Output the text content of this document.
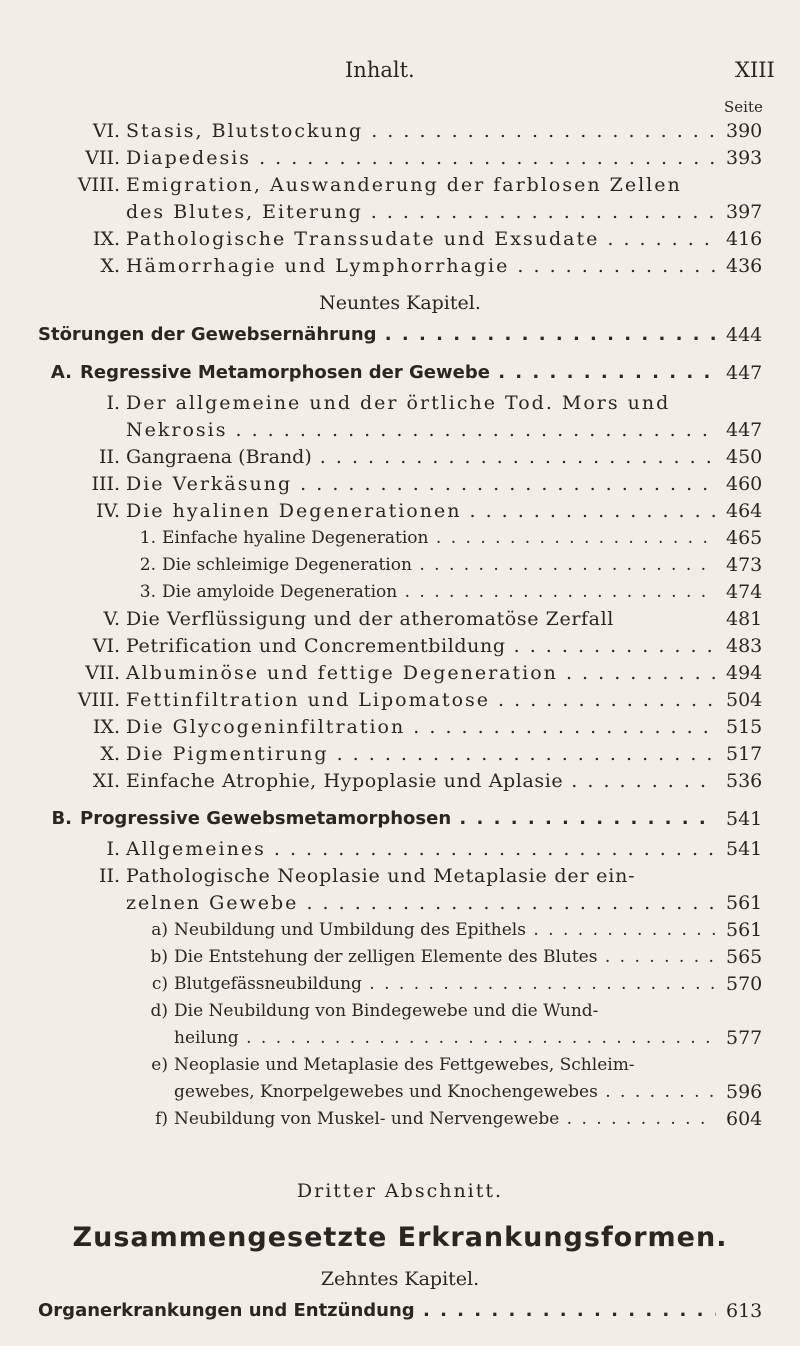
Inhalt.	XIII
Seite
VI. Stasis, Blutstockung . . .	390
VII. Diapedesis . . .	393
VIII. Emigration, Auswanderung der farblosen Zellen
des Blutes, Eiterung . . .	397
IX. Pathologische Transsudate und Exsudate . . .	416
X. Hämorrhagie und Lymphorrhagie . . .	436
Neuntes Kapitel.
Störungen der Gewebsernährung . . .	444
A. Regressive Metamorphosen der Gewebe . . .	447
I. Der allgemeine und der örtliche Tod. Mors und
Nekrosis . . .	447
II. Gangraena (Brand) . . .	450
III. Die Verkäsung . . .	460
IV. Die hyalinen Degenerationen . . .	464
1. Einfache hyaline Degeneration . . .	465
2. Die schleimige Degeneration . . .	473
3. Die amyloide Degeneration . . .	474
V. Die Verflüssigung und der atheromatöse Zerfall	481
VI. Petrification und Concrementbildung . . .	483
VII. Albuminöse und fettige Degeneration . . .	494
VIII. Fettinfiltration und Lipomatose . . .	504
IX. Die Glycogeninfiltration . . .	515
X. Die Pigmentirung . . .	517
XI. Einfache Atrophie, Hypoplasie und Aplasie . . .	536
B. Progressive Gewebsmetamorphosen . . .	541
I. Allgemeines . . .	541
II. Pathologische Neoplasie und Metaplasie der ein-
zelnen Gewebe . . .	561
a) Neubildung und Umbildung des Epithels . . .	561
b) Die Entstehung der zelligen Elemente des Blutes . . .	565
c) Blutgefässneubildung . . .	570
d) Die Neubildung von Bindegewebe und die Wund-
heilung . . .	577
e) Neoplasie und Metaplasie des Fettgewebes, Schleim-
gewebes, Knorpelgewebes und Knochengewebes . . .	596
f) Neubildung von Muskel- und Nervengewebe . . .	604
Dritter Abschnitt.
Zusammengesetzte Erkrankungsformen.
Zehntes Kapitel.
Organerkrankungen und Entzündung . . .	613
